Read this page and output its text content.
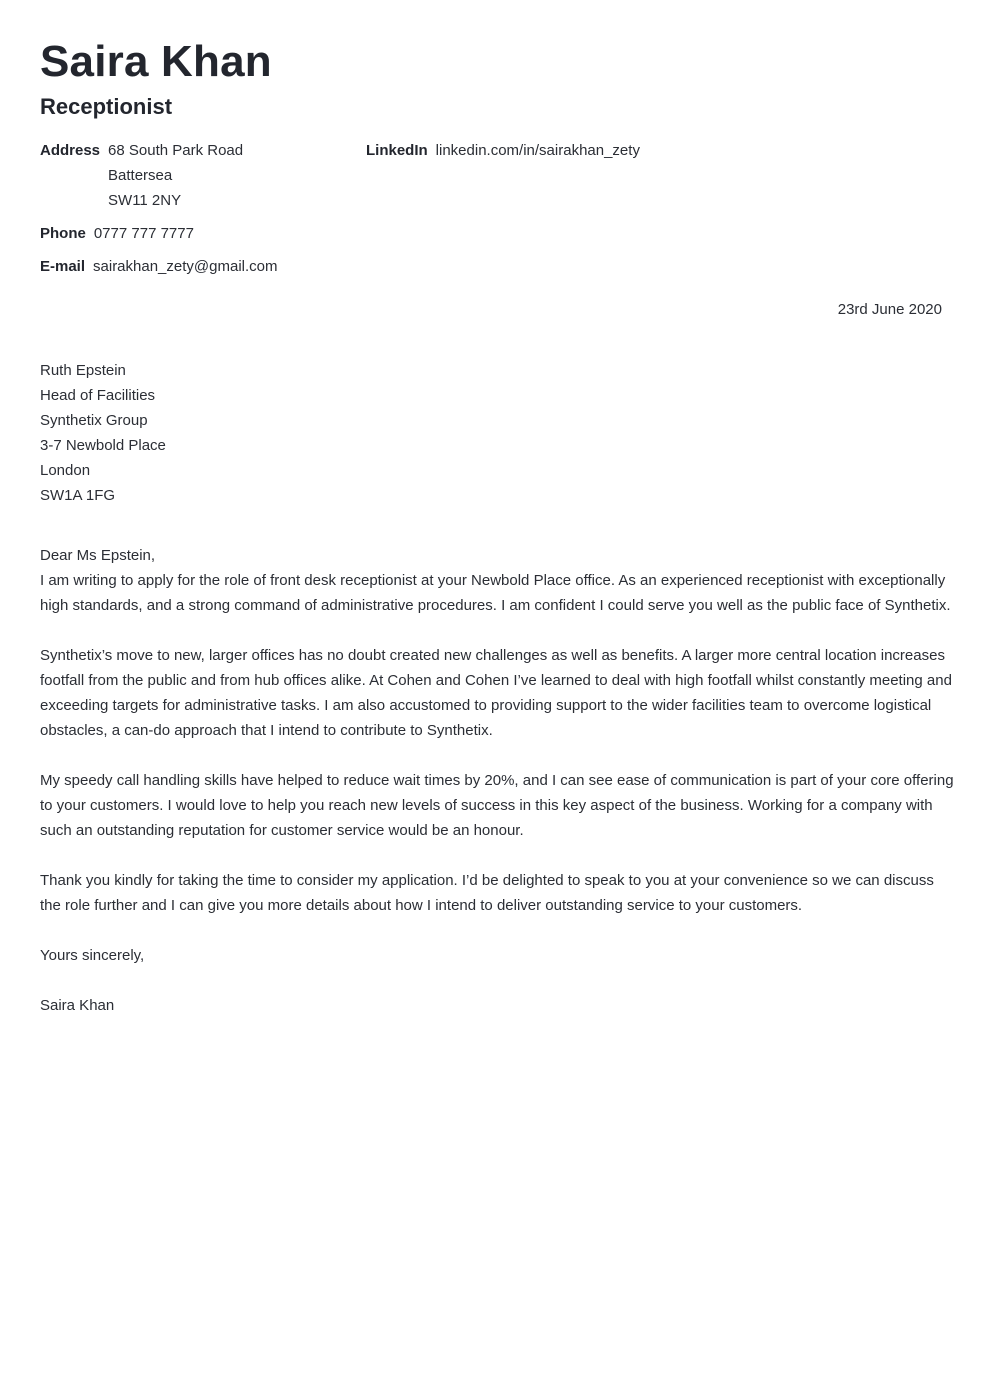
Saira Khan
Receptionist
Address 68 South Park Road
Battersea
SW11 2NY
LinkedIn linkedin.com/in/sairakhan_zety
Phone 0777 777 7777
E-mail sairakhan_zety@gmail.com
23rd June 2020
Ruth Epstein
Head of Facilities
Synthetix Group
3-7 Newbold Place
London
SW1A 1FG

Dear Ms Epstein,

I am writing to apply for the role of front desk receptionist at your Newbold Place office. As an experienced receptionist with exceptionally high standards, and a strong command of administrative procedures. I am confident I could serve you well as the public face of Synthetix.

Synthetix’s move to new, larger offices has no doubt created new challenges as well as benefits. A larger more central location increases footfall from the public and from hub offices alike. At Cohen and Cohen I’ve learned to deal with high footfall whilst constantly meeting and exceeding targets for administrative tasks. I am also accustomed to providing support to the wider facilities team to overcome logistical obstacles, a can-do approach that I intend to contribute to Synthetix.

My speedy call handling skills have helped to reduce wait times by 20%, and I can see ease of communication is part of your core offering to your customers. I would love to help you reach new levels of success in this key aspect of the business. Working for a company with such an outstanding reputation for customer service would be an honour.

Thank you kindly for taking the time to consider my application. I’d be delighted to speak to you at your convenience so we can discuss the role further and I can give you more details about how I intend to deliver outstanding service to your customers.

Yours sincerely,

Saira Khan
